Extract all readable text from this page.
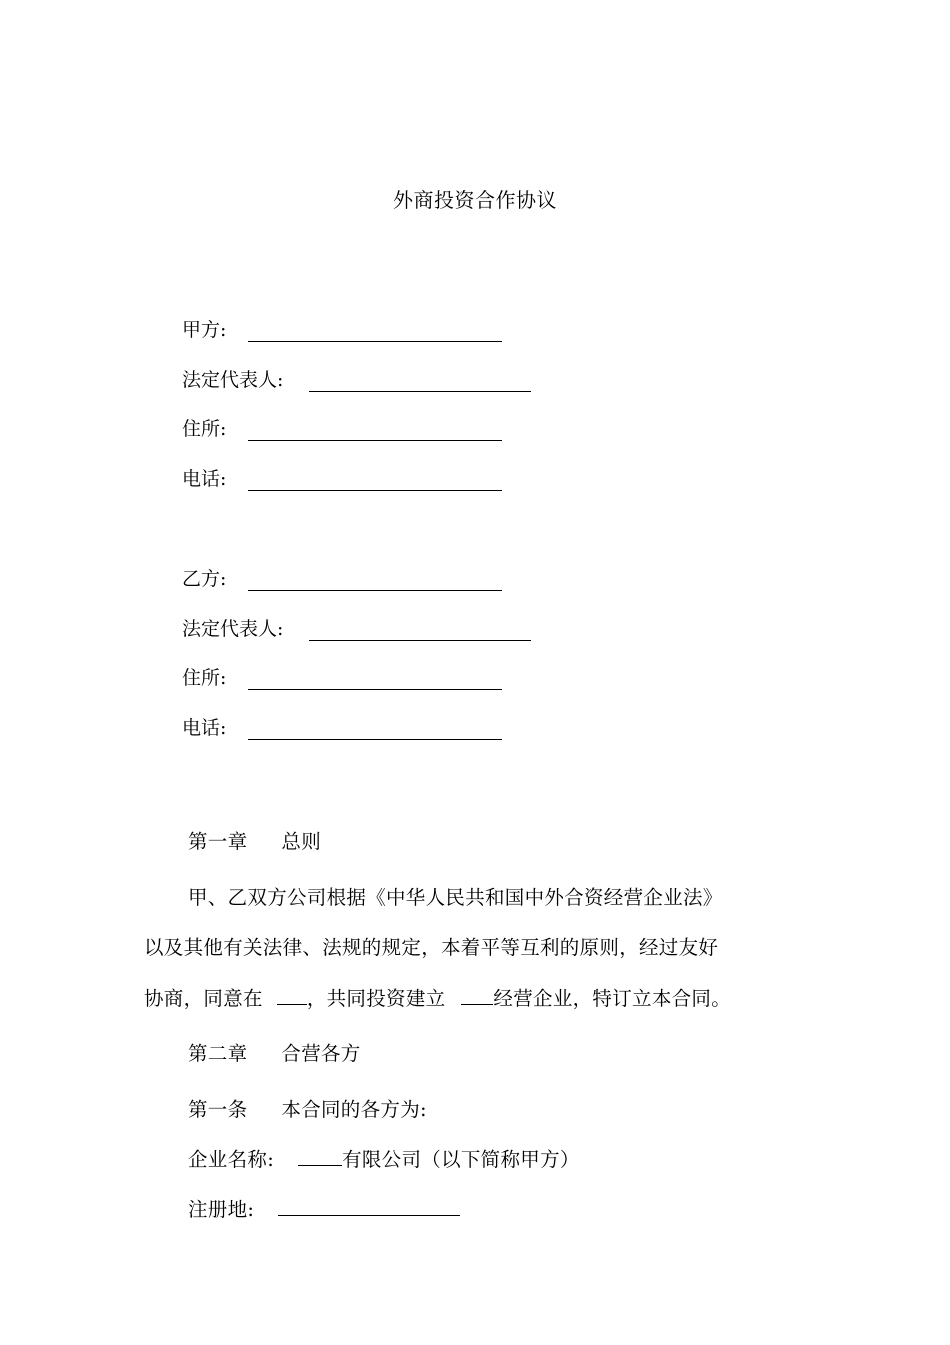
外商投资合作协议
甲方:
法定代表人:
住所:
电话:
乙方:
法定代表人:
住所:
电话:
第一章 总则
甲、乙双方公司根据《中华人民共和国中外合资经营企业法》
以及其他有关法律、法规的规定，本着平等互利的原则，经过友好
协商，同意在 ，共同投资建立 经营企业，特订立本合同。
第二章 合营各方
第一条 本合同的各方为:
企业名称:	有限公司（以下简称甲方）
注册地:
